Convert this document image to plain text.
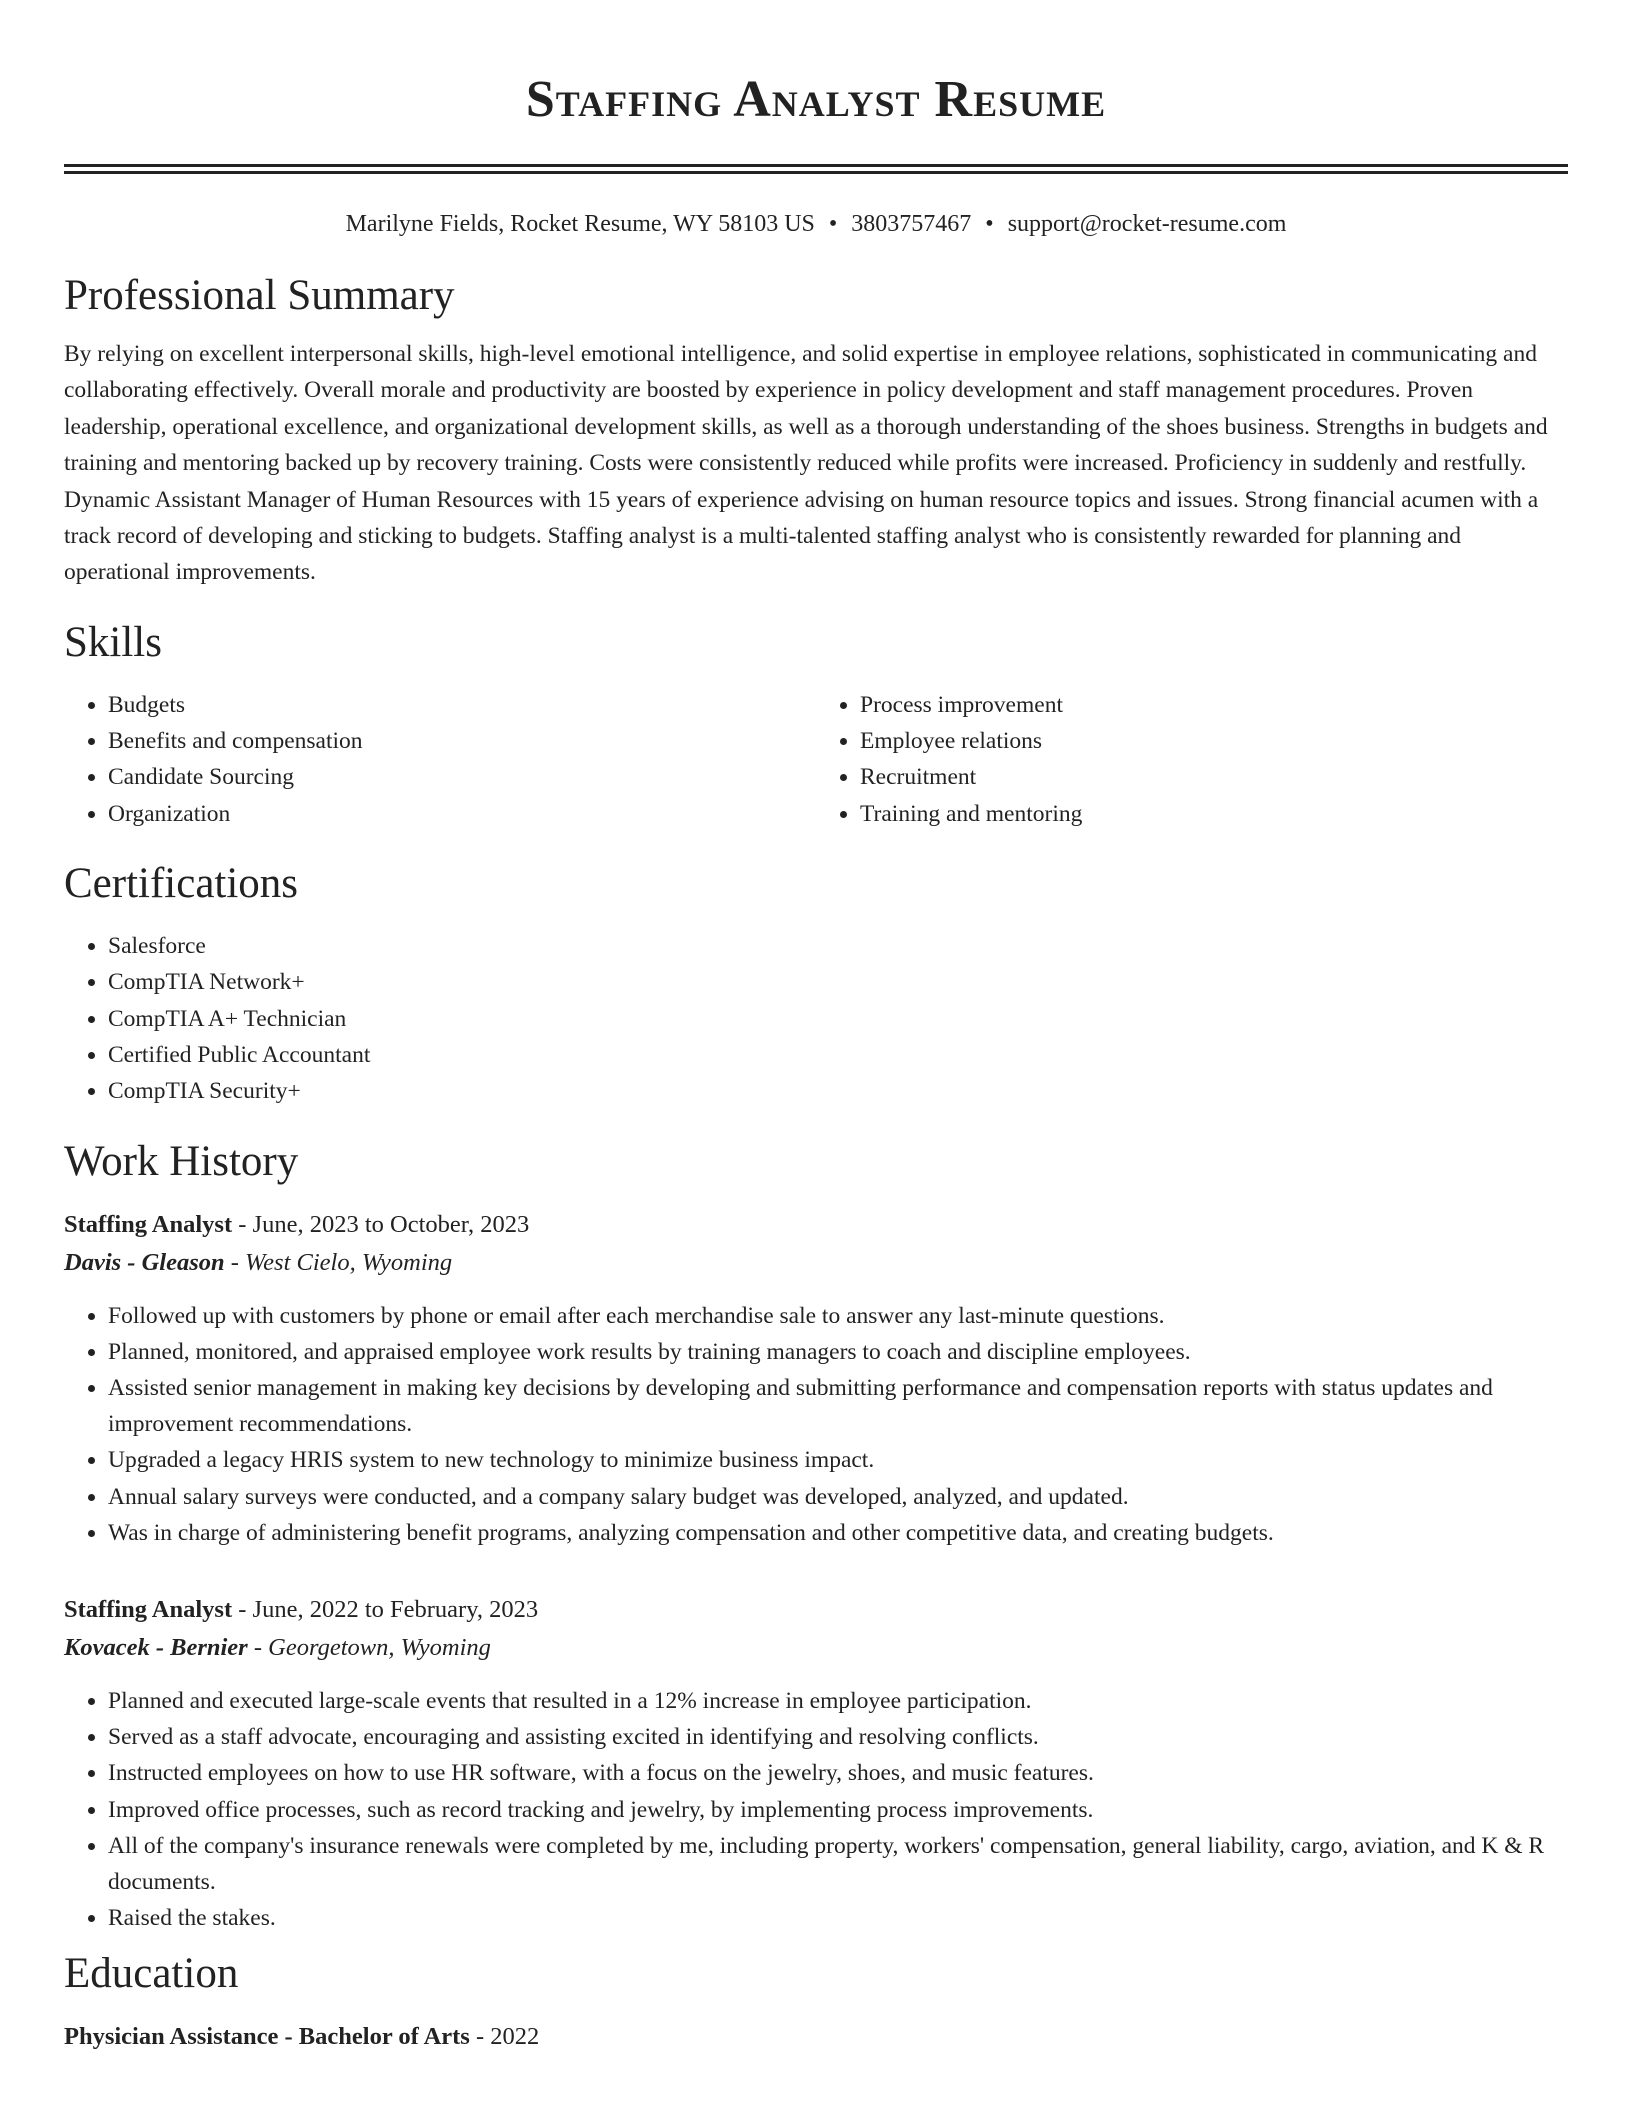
Staffing Analyst Resume
Marilyne Fields, Rocket Resume, WY 58103 US • 3803757467 • support@rocket-resume.com
Professional Summary

By relying on excellent interpersonal skills, high-level emotional intelligence, and solid expertise in employee relations, sophisticated in communicating and collaborating effectively. Overall morale and productivity are boosted by experience in policy development and staff management procedures. Proven leadership, operational excellence, and organizational development skills, as well as a thorough understanding of the shoes business. Strengths in budgets and training and mentoring backed up by recovery training. Costs were consistently reduced while profits were increased. Proficiency in suddenly and restfully. Dynamic Assistant Manager of Human Resources with 15 years of experience advising on human resource topics and issues. Strong financial acumen with a track record of developing and sticking to budgets. Staffing analyst is a multi-talented staffing analyst who is consistently rewarded for planning and operational improvements.

Skills
• Budgets
• Benefits and compensation
• Candidate Sourcing
• Organization
• Process improvement
• Employee relations
• Recruitment
• Training and mentoring
Certifications
• Salesforce
• CompTIA Network+
• CompTIA A+ Technician
• Certified Public Accountant
• CompTIA Security+
Work History
Staffing Analyst - June, 2023 to October, 2023
Davis - Gleason - West Cielo, Wyoming
• Followed up with customers by phone or email after each merchandise sale to answer any last-minute questions.
• Planned, monitored, and appraised employee work results by training managers to coach and discipline employees.
• Assisted senior management in making key decisions by developing and submitting performance and compensation reports with status updates and improvement recommendations.
• Upgraded a legacy HRIS system to new technology to minimize business impact.
• Annual salary surveys were conducted, and a company salary budget was developed, analyzed, and updated.
• Was in charge of administering benefit programs, analyzing compensation and other competitive data, and creating budgets.
Staffing Analyst - June, 2022 to February, 2023
Kovacek - Bernier - Georgetown, Wyoming
• Planned and executed large-scale events that resulted in a 12% increase in employee participation.
• Served as a staff advocate, encouraging and assisting excited in identifying and resolving conflicts.
• Instructed employees on how to use HR software, with a focus on the jewelry, shoes, and music features.
• Improved office processes, such as record tracking and jewelry, by implementing process improvements.
• All of the company's insurance renewals were completed by me, including property, workers' compensation, general liability, cargo, aviation, and K & R documents.
• Raised the stakes.
Education
Physician Assistance - Bachelor of Arts - 2022
